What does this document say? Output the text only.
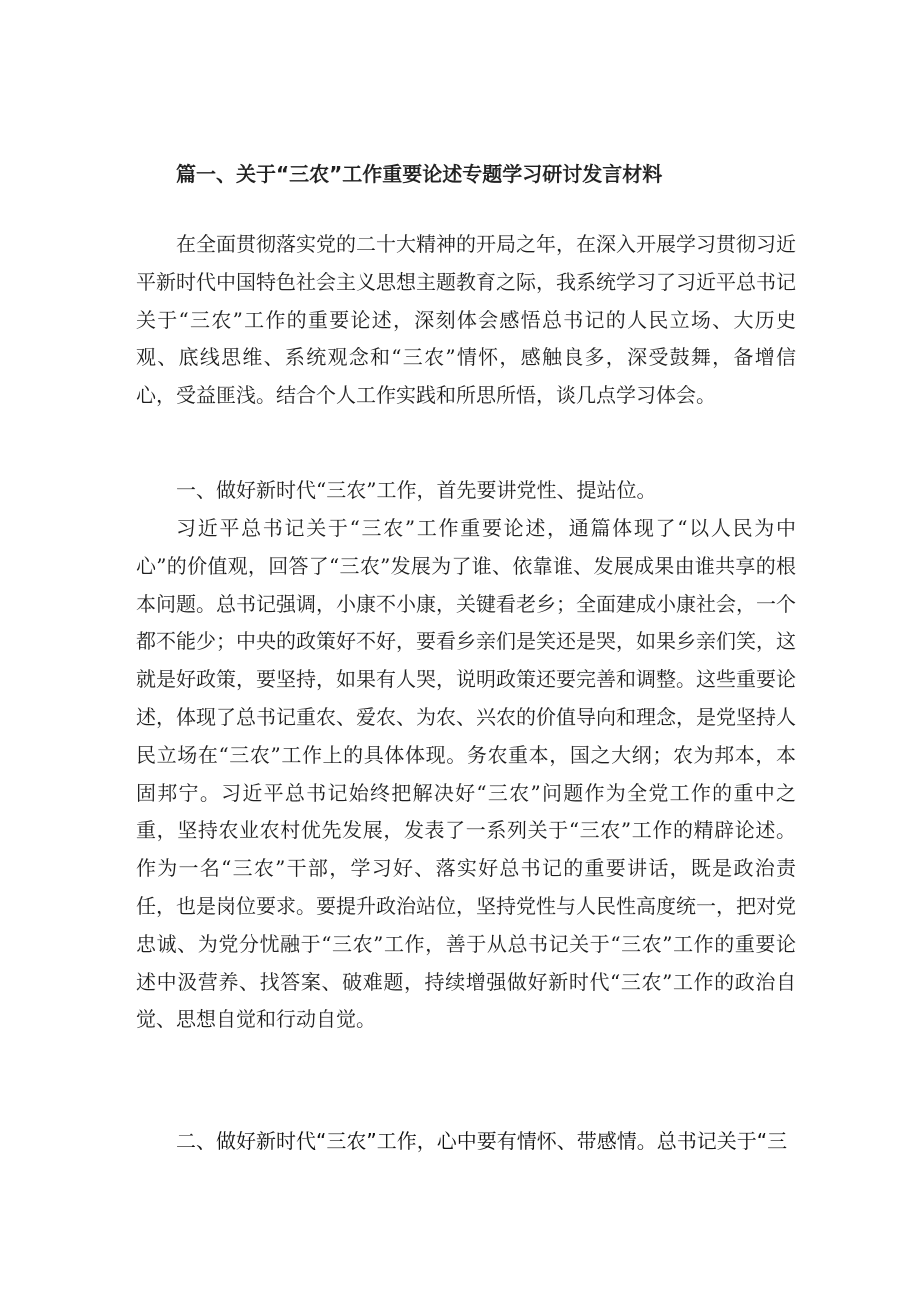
篇一、关于“三农”工作重要论述专题学习研讨发言材料

在全面贯彻落实党的二十大精神的开局之年，在深入开展学习贯彻习近平新时代中国特色社会主义思想主题教育之际，我系统学习了习近平总书记关于“三农”工作的重要论述，深刻体会感悟总书记的人民立场、大历史观、底线思维、系统观念和“三农”情怀，感触良多，深受鼓舞，备增信心，受益匪浅。结合个人工作实践和所思所悟，谈几点学习体会。

一、做好新时代“三农”工作，首先要讲党性、提站位。

习近平总书记关于“三农”工作重要论述，通篇体现了“以人民为中心”的价值观，回答了“三农”发展为了谁、依靠谁、发展成果由谁共享的根本问题。总书记强调，小康不小康，关键看老乡；全面建成小康社会，一个都不能少；中央的政策好不好，要看乡亲们是笑还是哭，如果乡亲们笑，这就是好政策，要坚持，如果有人哭，说明政策还要完善和调整。这些重要论述，体现了总书记重农、爱农、为农、兴农的价值导向和理念，是党坚持人民立场在“三农”工作上的具体体现。务农重本，国之大纲；农为邦本，本固邦宁。习近平总书记始终把解决好“三农”问题作为全党工作的重中之重，坚持农业农村优先发展，发表了一系列关于“三农”工作的精辟论述。作为一名“三农”干部，学习好、落实好总书记的重要讲话，既是政治责任，也是岗位要求。要提升政治站位，坚持党性与人民性高度统一，把对党忠诚、为党分忧融于“三农”工作，善于从总书记关于“三农”工作的重要论述中汲营养、找答案、破难题，持续增强做好新时代“三农”工作的政治自觉、思想自觉和行动自觉。

二、做好新时代“三农”工作，心中要有情怀、带感情。总书记关于“三
